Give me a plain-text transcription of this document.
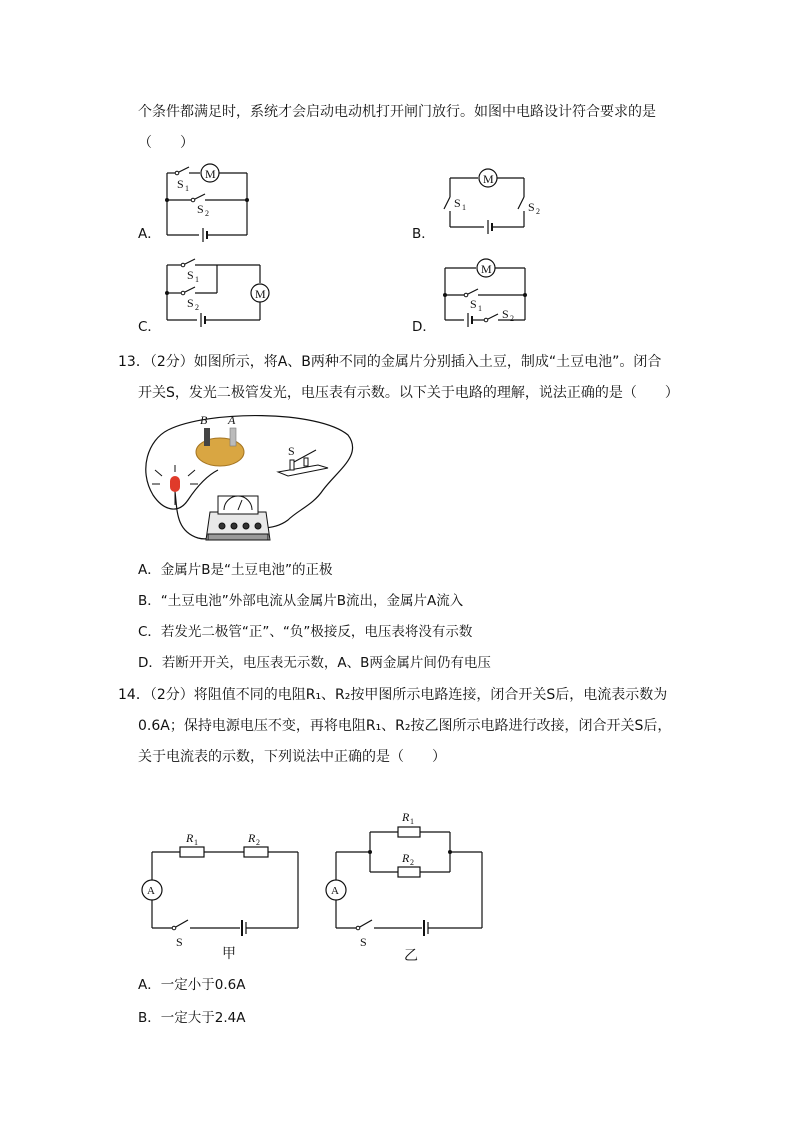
个条件都满足时，系统才会启动电动机打开闸门放行。如图中电路设计符合要求的是
（　　）
A．
M
S 1
S 2
B．
M
S 1	S 2
C．
M
S 1
S 2
D．
M
S 1 S 2
13．（2分）如图所示，将A、B两种不同的金属片分别插入土豆，制成“土豆电池”。闭合
开关S，发光二极管发光，电压表有示数。以下关于电路的理解，说法正确的是（　　）
B A
S
A．金属片B是“土豆电池”的正极
B．“土豆电池”外部电流从金属片B流出，金属片A流入
C．若发光二极管“正”、“负”极接反，电压表将没有示数
D．若断开开关，电压表无示数，A、B两金属片间仍有电压
14．（2分）将阻值不同的电阻R₁、R₂按甲图所示电路连接，闭合开关S后，电流表示数为
0.6A；保持电源电压不变，再将电阻R₁、R₂按乙图所示电路进行改接，闭合开关S后，
关于电流表的示数，下列说法中正确的是（　　）
A
R 1	R 2
S
甲
A
R 1
R 2
S
乙
A．一定小于0.6A
B．一定大于2.4A
